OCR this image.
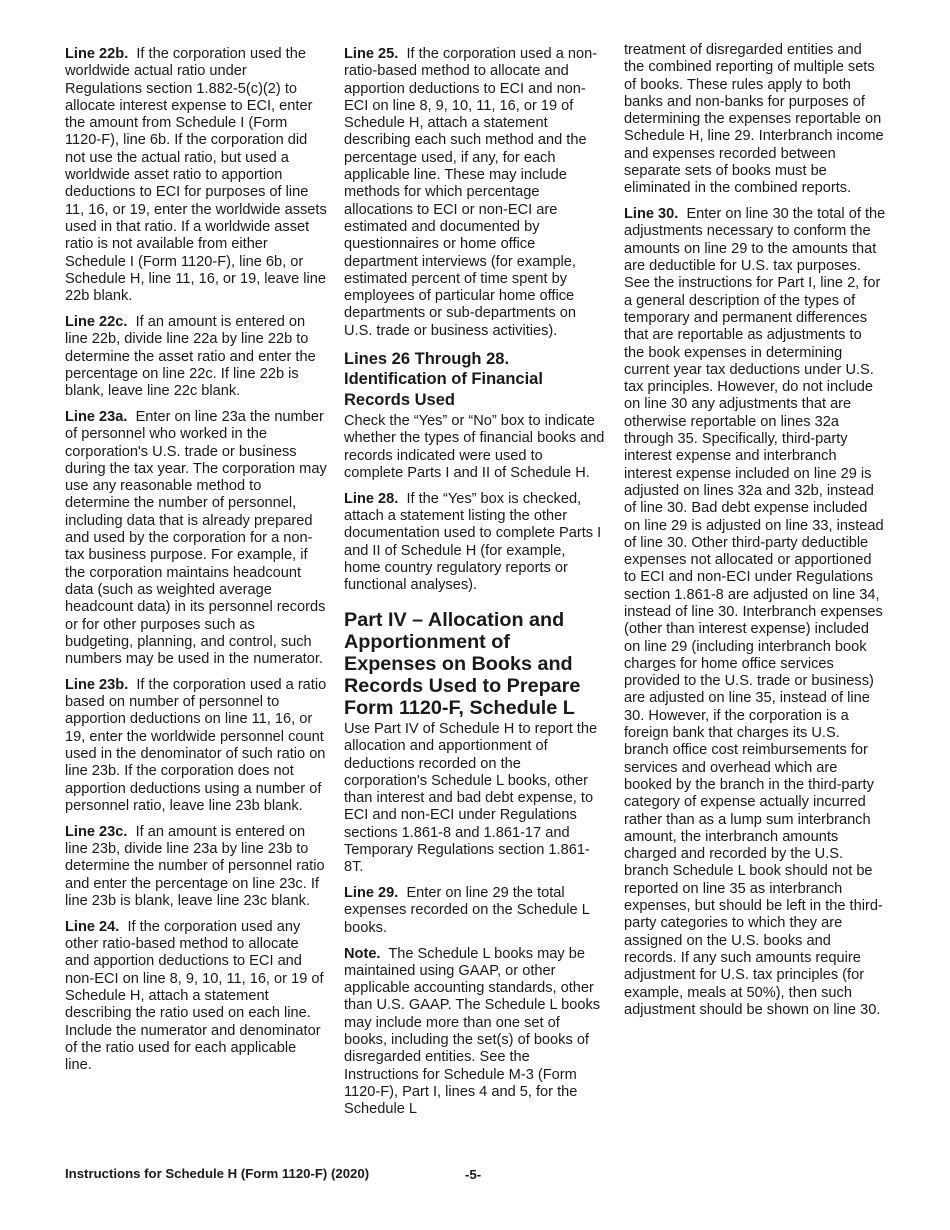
Line 22b. If the corporation used the worldwide actual ratio under Regulations section 1.882-5(c)(2) to allocate interest expense to ECI, enter the amount from Schedule I (Form 1120-F), line 6b. If the corporation did not use the actual ratio, but used a worldwide asset ratio to apportion deductions to ECI for purposes of line 11, 16, or 19, enter the worldwide assets used in that ratio. If a worldwide asset ratio is not available from either Schedule I (Form 1120-F), line 6b, or Schedule H, line 11, 16, or 19, leave line 22b blank.

Line 22c. If an amount is entered on line 22b, divide line 22a by line 22b to determine the asset ratio and enter the percentage on line 22c. If line 22b is blank, leave line 22c blank.

Line 23a. Enter on line 23a the number of personnel who worked in the corporation's U.S. trade or business during the tax year. The corporation may use any reasonable method to determine the number of personnel, including data that is already prepared and used by the corporation for a non-tax business purpose. For example, if the corporation maintains headcount data (such as weighted average headcount data) in its personnel records or for other purposes such as budgeting, planning, and control, such numbers may be used in the numerator.

Line 23b. If the corporation used a ratio based on number of personnel to apportion deductions on line 11, 16, or 19, enter the worldwide personnel count used in the denominator of such ratio on line 23b. If the corporation does not apportion deductions using a number of personnel ratio, leave line 23b blank.

Line 23c. If an amount is entered on line 23b, divide line 23a by line 23b to determine the number of personnel ratio and enter the percentage on line 23c. If line 23b is blank, leave line 23c blank.

Line 24. If the corporation used any other ratio-based method to allocate and apportion deductions to ECI and non-ECI on line 8, 9, 10, 11, 16, or 19 of Schedule H, attach a statement describing the ratio used on each line. Include the numerator and denominator of the ratio used for each applicable line.

Line 25. If the corporation used a non-ratio-based method to allocate and apportion deductions to ECI and non-ECI on line 8, 9, 10, 11, 16, or 19 of Schedule H, attach a statement describing each such method and the percentage used, if any, for each applicable line. These may include methods for which percentage allocations to ECI or non-ECI are estimated and documented by questionnaires or home office department interviews (for example, estimated percent of time spent by employees of particular home office departments or sub-departments on U.S. trade or business activities).

Lines 26 Through 28. Identification of Financial Records Used

Check the “Yes” or “No” box to indicate whether the types of financial books and records indicated were used to complete Parts I and II of Schedule H.

Line 28. If the “Yes” box is checked, attach a statement listing the other documentation used to complete Parts I and II of Schedule H (for example, home country regulatory reports or functional analyses).

Part IV – Allocation and Apportionment of Expenses on Books and Records Used to Prepare Form 1120-F, Schedule L

Use Part IV of Schedule H to report the allocation and apportionment of deductions recorded on the corporation's Schedule L books, other than interest and bad debt expense, to ECI and non-ECI under Regulations sections 1.861-8 and 1.861-17 and Temporary Regulations section 1.861-8T.

Line 29. Enter on line 29 the total expenses recorded on the Schedule L books.

Note. The Schedule L books may be maintained using GAAP, or other applicable accounting standards, other than U.S. GAAP. The Schedule L books may include more than one set of books, including the set(s) of books of disregarded entities. See the Instructions for Schedule M-3 (Form 1120-F), Part I, lines 4 and 5, for the Schedule L

treatment of disregarded entities and the combined reporting of multiple sets of books. These rules apply to both banks and non-banks for purposes of determining the expenses reportable on Schedule H, line 29. Interbranch income and expenses recorded between separate sets of books must be eliminated in the combined reports.

Line 30. Enter on line 30 the total of the adjustments necessary to conform the amounts on line 29 to the amounts that are deductible for U.S. tax purposes. See the instructions for Part I, line 2, for a general description of the types of temporary and permanent differences that are reportable as adjustments to the book expenses in determining current year tax deductions under U.S. tax principles. However, do not include on line 30 any adjustments that are otherwise reportable on lines 32a through 35. Specifically, third-party interest expense and interbranch interest expense included on line 29 is adjusted on lines 32a and 32b, instead of line 30. Bad debt expense included on line 29 is adjusted on line 33, instead of line 30. Other third-party deductible expenses not allocated or apportioned to ECI and non-ECI under Regulations section 1.861-8 are adjusted on line 34, instead of line 30. Interbranch expenses (other than interest expense) included on line 29 (including interbranch book charges for home office services provided to the U.S. trade or business) are adjusted on line 35, instead of line 30. However, if the corporation is a foreign bank that charges its U.S. branch office cost reimbursements for services and overhead which are booked by the branch in the third-party category of expense actually incurred rather than as a lump sum interbranch amount, the interbranch amounts charged and recorded by the U.S. branch Schedule L book should not be reported on line 35 as interbranch expenses, but should be left in the third-party categories to which they are assigned on the U.S. books and records. If any such amounts require adjustment for U.S. tax principles (for example, meals at 50%), then such adjustment should be shown on line 30.

Instructions for Schedule H (Form 1120-F) (2020)	-5-
